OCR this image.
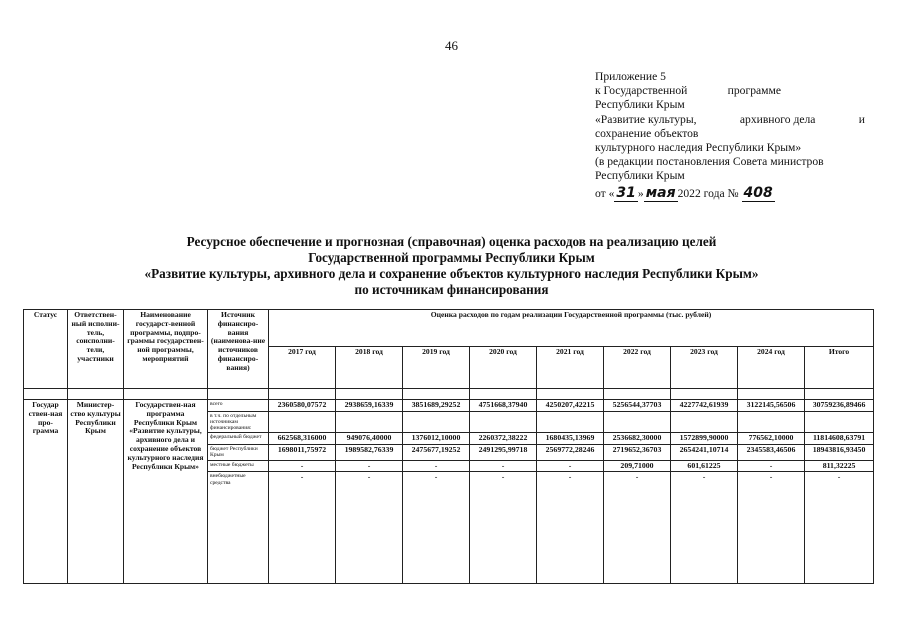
46
Приложение 5
к Государственной	программе
Республики Крым
«Развитие культуры,	архивного дела	и
сохранение объектов
культурного наследия Республики Крым»
(в редакции постановления Совета министров
Республики Крым
от « 31 » мая 2022 года № 408
Ресурсное обеспечение и прогнозная (справочная) оценка расходов на реализацию целей
Государственной программы Республики Крым
«Развитие культуры, архивного дела и сохранение объектов культурного наследия Республики Крым»
по источникам финансирования
Статус	Ответствен-ный исполни-тель, соисполни-тели, участники	Наименование государст-венной программы, подпро-граммы государствен-ной программы, мероприятий	Источник финансиро-вания (наименова-ние источников финансиро-вания)	Оценка расходов по годам реализации Государственной программы (тыс. рублей)								
				2017 год	2018 год	2019 год	2020 год	2021 год	2022 год	2023 год	2024 год	Итого

Государ ствен-ная про-грамма	Министер-ство культуры Республики Крым	Государствен-ная программа Республики Крым «Развитие культуры, архивного дела и сохранение объектов культурного наследия Республики Крым»	всего	2360580,07572	2938659,16339	3851689,29252	4751668,37940	4250207,42215	5256544,37703	4227742,61939	3122145,56506	30759236,89466
			в т.ч. по отдельным источникам финансирования:									
			федеральный бюджет	662568,316000	949076,40000	1376012,10000	2260372,38222	1680435,13969	2536682,30000	1572899,90000	776562,10000	11814608,63791
			бюджет Республики Крым	1698011,75972	1989582,76339	2475677,19252	2491295,99718	2569772,28246	2719652,36703	2654241,10714	2345583,46506	18943816,93450
			местные бюджеты	-	-	-	-	-	209,71000	601,61225	-	811,32225
			внебюджетные средства	-	-	-	-	-	-	-	-	-
